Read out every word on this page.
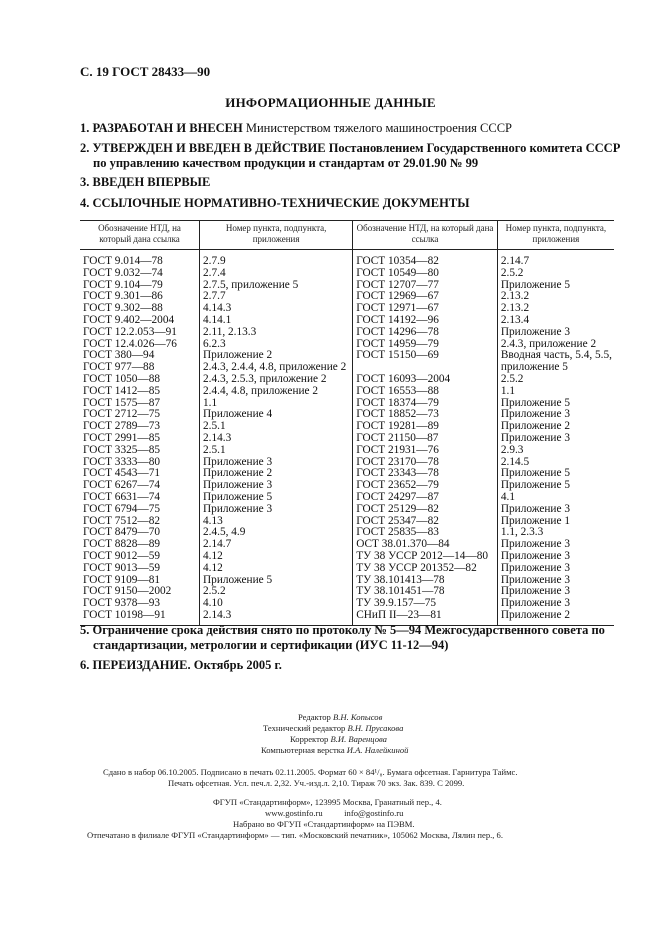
С. 19 ГОСТ 28433—90
ИНФОРМАЦИОННЫЕ ДАННЫЕ
1. РАЗРАБОТАН И ВНЕСЕН Министерством тяжелого машиностроения СССР
2. УТВЕРЖДЕН И ВВЕДЕН В ДЕЙСТВИЕ Постановлением Государственного комитета СССР по управлению качеством продукции и стандартам от 29.01.90 № 99
3. ВВЕДЕН ВПЕРВЫЕ
4. ССЫЛОЧНЫЕ НОРМАТИВНО-ТЕХНИЧЕСКИЕ ДОКУМЕНТЫ
Обозначение НТД, на который дана ссылка	Номер пункта, подпункта, приложения	Обозначение НТД, на который дана ссылка	Номер пункта, подпункта, приложения
ГОСТ 9.014—78	2.7.9	ГОСТ 10354—82	2.14.7
ГОСТ 9.032—74	2.7.4	ГОСТ 10549—80	2.5.2
ГОСТ 9.104—79	2.7.5, приложение 5	ГОСТ 12707—77	Приложение 5
ГОСТ 9.301—86	2.7.7	ГОСТ 12969—67	2.13.2
ГОСТ 9.302—88	4.14.3	ГОСТ 12971—67	2.13.2
ГОСТ 9.402—2004	4.14.1	ГОСТ 14192—96	2.13.4
ГОСТ 12.2.053—91	2.11, 2.13.3	ГОСТ 14296—78	Приложение 3
ГОСТ 12.4.026—76	6.2.3	ГОСТ 14959—79	2.4.3, приложение 2
ГОСТ 380—94	Приложение 2	ГОСТ 15150—69	Вводная часть, 5.4, 5.5,
ГОСТ 977—88	2.4.3, 2.4.4, 4.8, приложение 2		приложение 5
ГОСТ 1050—88	2.4.3, 2.5.3, приложение 2	ГОСТ 16093—2004	2.5.2
ГОСТ 1412—85	2.4.4, 4.8, приложение 2	ГОСТ 16553—88	1.1
ГОСТ 1575—87	1.1	ГОСТ 18374—79	Приложение 5
ГОСТ 2712—75	Приложение 4	ГОСТ 18852—73	Приложение 3
ГОСТ 2789—73	2.5.1	ГОСТ 19281—89	Приложение 2
ГОСТ 2991—85	2.14.3	ГОСТ 21150—87	Приложение 3
ГОСТ 3325—85	2.5.1	ГОСТ 21931—76	2.9.3
ГОСТ 3333—80	Приложение 3	ГОСТ 23170—78	2.14.5
ГОСТ 4543—71	Приложение 2	ГОСТ 23343—78	Приложение 5
ГОСТ 6267—74	Приложение 3	ГОСТ 23652—79	Приложение 5
ГОСТ 6631—74	Приложение 5	ГОСТ 24297—87	4.1
ГОСТ 6794—75	Приложение 3	ГОСТ 25129—82	Приложение 3
ГОСТ 7512—82	4.13	ГОСТ 25347—82	Приложение 1
ГОСТ 8479—70	2.4.5, 4.9	ГОСТ 25835—83	1.1, 2.3.3
ГОСТ 8828—89	2.14.7	ОСТ 38.01.370—84	Приложение 3
ГОСТ 9012—59	4.12	ТУ 38 УССР 2012—14—80	Приложение 3
ГОСТ 9013—59	4.12	ТУ 38 УССР 201352—82	Приложение 3
ГОСТ 9109—81	Приложение 5	ТУ 38.101413—78	Приложение 3
ГОСТ 9150—2002	2.5.2	ТУ 38.101451—78	Приложение 3
ГОСТ 9378—93	4.10	ТУ 39.9.157—75	Приложение 3
ГОСТ 10198—91	2.14.3	СНиП II—23—81	Приложение 2
5. Ограничение срока действия снято по протоколу № 5—94 Межгосударственного совета по стандартизации, метрологии и сертификации (ИУС 11-12—94)
6. ПЕРЕИЗДАНИЕ. Октябрь 2005 г.
Редактор В.Н. Копысов
Технический редактор В.Н. Прусакова
Корректор В.И. Варенцова
Компьютерная верстка И.А. Налейкиной
Сдано в набор 06.10.2005. Подписано в печать 02.11.2005. Формат 60 × 84¹/₈. Бумага офсетная. Гарнитура Таймс.
Печать офсетная. Усл. печ.л. 2,32. Уч.-изд.л. 2,10. Тираж 70 экз. Зак. 839. С 2099.
ФГУП «Стандартинформ», 123995 Москва, Гранатный пер., 4.
www.gostinfo.ru          info@gostinfo.ru
Набрано во ФГУП «Стандартинформ» на ПЭВМ.
Отпечатано в филиале ФГУП «Стандартинформ» — тип. «Московский печатник», 105062 Москва, Лялин пер., 6.
